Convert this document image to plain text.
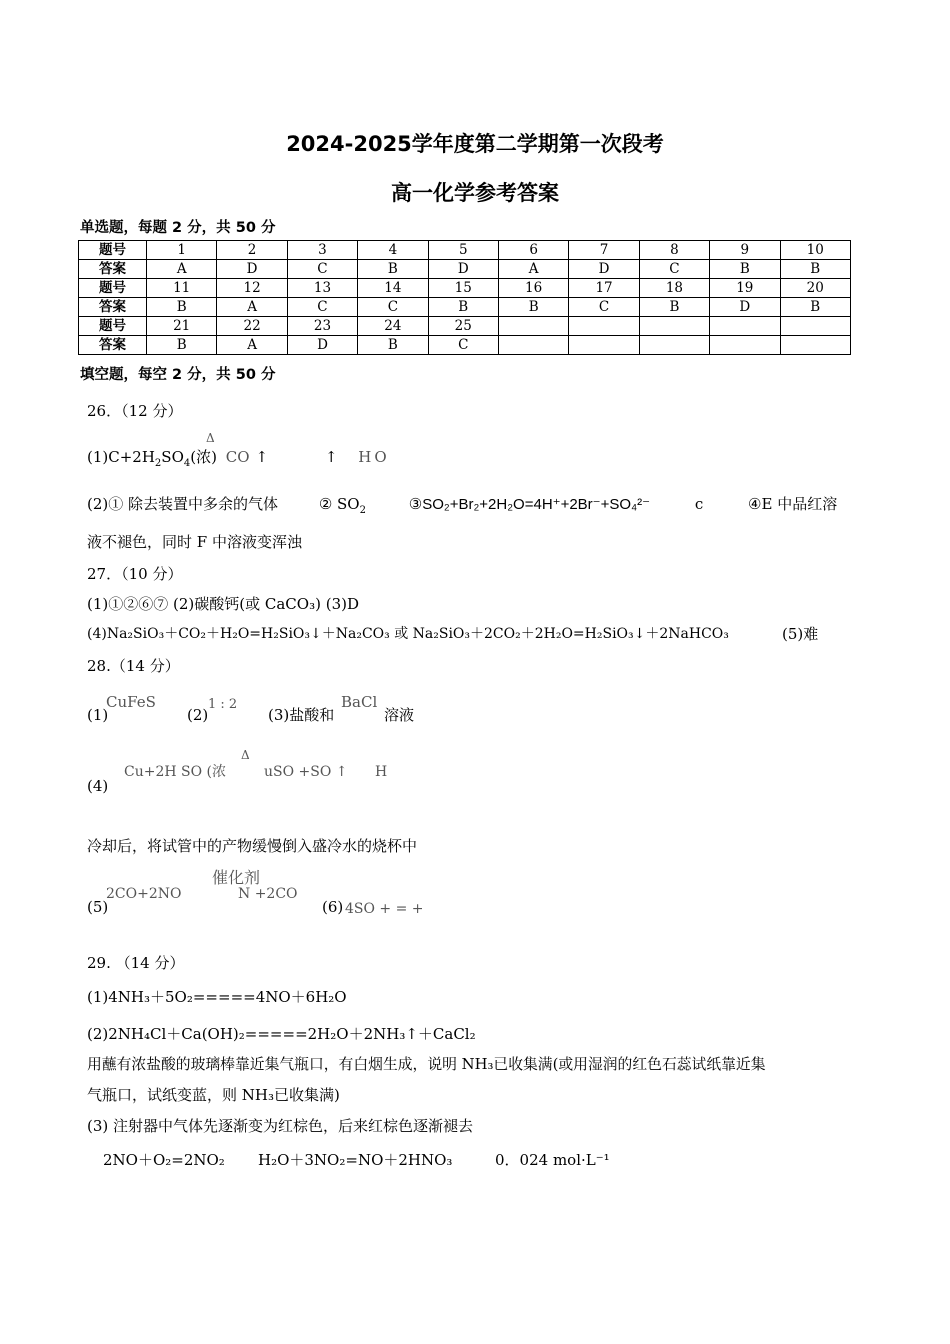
2024-2025学年度第二学期第一次段考
高一化学参考答案
单选题，每题 2 分，共 50 分
题号	1	2	3	4	5	6	7	8	9	10
答案	A	D	C	B	D	A	D	C	B	B
题号	11	12	13	14	15	16	17	18	19	20
答案	B	A	C	C	B	B	C	B	D	B
题号	21	22	23	24	25					
答案	B	A	D	B	C					
填空题，每空 2 分，共 50 分
26．（12 分）
$(1)C+2H_2SO_4$(浓) CO ↑	↑ H O
Δ
(2)① 除去装置中多余的气体	② $SO_2$	③SO₂+Br₂+2H₂O=4H⁺+2Br⁻+SO₄²⁻	c	④E 中品红溶
液不褪色，同时 F 中溶液变浑浊
27．（10 分）
(1)①②⑥⑦ (2)碳酸钙(或 CaCO₃) (3)D
(4)Na₂SiO₃＋CO₂＋H₂O=H₂SiO₃↓＋Na₂CO₃ 或 Na₂SiO₃＋2CO₂＋2H₂O=H₂SiO₃↓＋2NaHCO₃	(5)难
28.（14 分）
(1)
CuFeS
(2)
1 : 2
(3)盐酸和
BaCl
溶液
Cu+2H SO (浓
Δ
uSO +SO ↑ H
(4)
冷却后，将试管中的产物缓慢倒入盛冷水的烧杯中
(5)
2CO+2NO
催化剂
N +2CO
(6) 4SO + = +
29. （14 分）
(1)4NH₃＋5O₂=====4NO＋6H₂O
(2)2NH₄Cl＋Ca(OH)₂=====2H₂O＋2NH₃↑＋CaCl₂
用蘸有浓盐酸的玻璃棒靠近集气瓶口，有白烟生成，说明 NH₃已收集满(或用湿润的红色石蕊试纸靠近集
气瓶口，试纸变蓝，则 NH₃已收集满)
(3) 注射器中气体先逐渐变为红棕色，后来红棕色逐渐褪去
2NO＋O₂=2NO₂ H₂O＋3NO₂=NO＋2HNO₃	0．024 mol·L⁻¹
